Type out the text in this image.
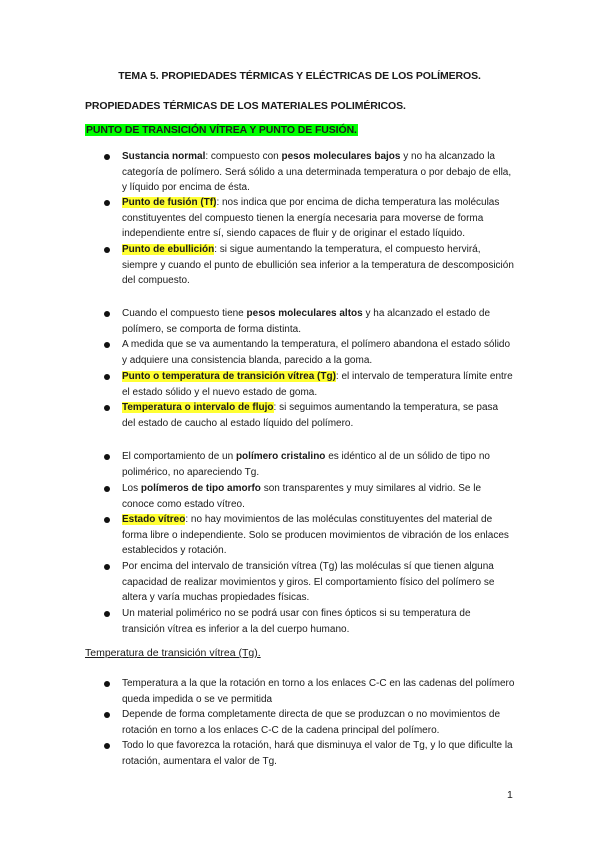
TEMA 5. PROPIEDADES TÉRMICAS Y ELÉCTRICAS DE LOS POLÍMEROS.
PROPIEDADES TÉRMICAS DE LOS MATERIALES POLIMÉRICOS.
PUNTO DE TRANSICIÓN VÍTREA Y PUNTO DE FUSIÓN.
Sustancia normal: compuesto con pesos moleculares bajos y no ha alcanzado la categoría de polímero. Será sólido a una determinada temperatura o por debajo de ella, y líquido por encima de ésta.
Punto de fusión (Tf): nos indica que por encima de dicha temperatura las moléculas constituyentes del compuesto tienen la energía necesaria para moverse de forma independiente entre sí, siendo capaces de fluir y de originar el estado líquido.
Punto de ebullición: si sigue aumentando la temperatura, el compuesto hervirá, siempre y cuando el punto de ebullición sea inferior a la temperatura de descomposición del compuesto.
Cuando el compuesto tiene pesos moleculares altos y ha alcanzado el estado de polímero, se comporta de forma distinta.
A medida que se va aumentando la temperatura, el polímero abandona el estado sólido y adquiere una consistencia blanda, parecido a la goma.
Punto o temperatura de transición vítrea (Tg): el intervalo de temperatura límite entre el estado sólido y el nuevo estado de goma.
Temperatura o intervalo de flujo: si seguimos aumentando la temperatura, se pasa del estado de caucho al estado líquido del polímero.
El comportamiento de un polímero cristalino es idéntico al de un sólido de tipo no polimérico, no apareciendo Tg.
Los polímeros de tipo amorfo son transparentes y muy similares al vidrio. Se le conoce como estado vítreo.
Estado vítreo: no hay movimientos de las moléculas constituyentes del material de forma libre o independiente. Solo se producen movimientos de vibración de los enlaces establecidos y rotación.
Por encima del intervalo de transición vítrea (Tg) las moléculas sí que tienen alguna capacidad de realizar movimientos y giros. El comportamiento físico del polímero se altera y varía muchas propiedades físicas.
Un material polimérico no se podrá usar con fines ópticos si su temperatura de transición vítrea es inferior a la del cuerpo humano.
Temperatura de transición vítrea (Tg).
Temperatura a la que la rotación en torno a los enlaces C-C en las cadenas del polímero queda impedida o se ve permitida
Depende de forma completamente directa de que se produzcan o no movimientos de rotación en torno a los enlaces C-C de la cadena principal del polímero.
Todo lo que favorezca la rotación, hará que disminuya el valor de Tg, y lo que dificulte la rotación, aumentara el valor de Tg.
1
